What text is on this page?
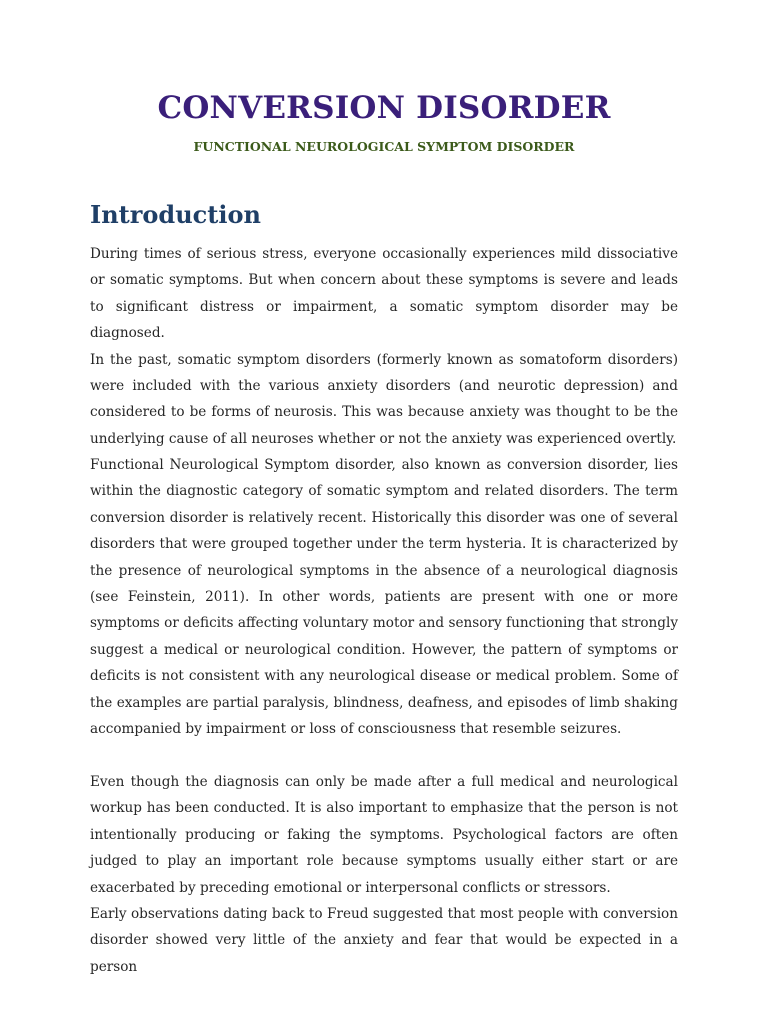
CONVERSION DISORDER
FUNCTIONAL NEUROLOGICAL SYMPTOM DISORDER
Introduction

During times of serious stress, everyone occasionally experiences mild dissociative or somatic symptoms. But when concern about these symptoms is severe and leads to significant distress or impairment, a somatic symptom disorder may be diagnosed.

In the past, somatic symptom disorders (formerly known as somatoform disorders) were included with the various anxiety disorders (and neurotic depression) and considered to be forms of neurosis. This was because anxiety was thought to be the underlying cause of all neuroses whether or not the anxiety was experienced overtly.

Functional Neurological Symptom disorder, also known as conversion disorder, lies within the diagnostic category of somatic symptom and related disorders. The term conversion disorder is relatively recent. Historically this disorder was one of several disorders that were grouped together under the term hysteria. It is characterized by the presence of neurological symptoms in the absence of a neurological diagnosis (see Feinstein, 2011). In other words, patients are present with one or more symptoms or deficits affecting voluntary motor and sensory functioning that strongly suggest a medical or neurological condition. However, the pattern of symptoms or deficits is not consistent with any neurological disease or medical problem. Some of the examples are partial paralysis, blindness, deafness, and episodes of limb shaking accompanied by impairment or loss of consciousness that resemble seizures.

Even though the diagnosis can only be made after a full medical and neurological workup has been conducted. It is also important to emphasize that the person is not intentionally producing or faking the symptoms. Psychological factors are often judged to play an important role because symptoms usually either start or are exacerbated by preceding emotional or interpersonal conflicts or stressors.

Early observations dating back to Freud suggested that most people with conversion disorder showed very little of the anxiety and fear that would be expected in a person
